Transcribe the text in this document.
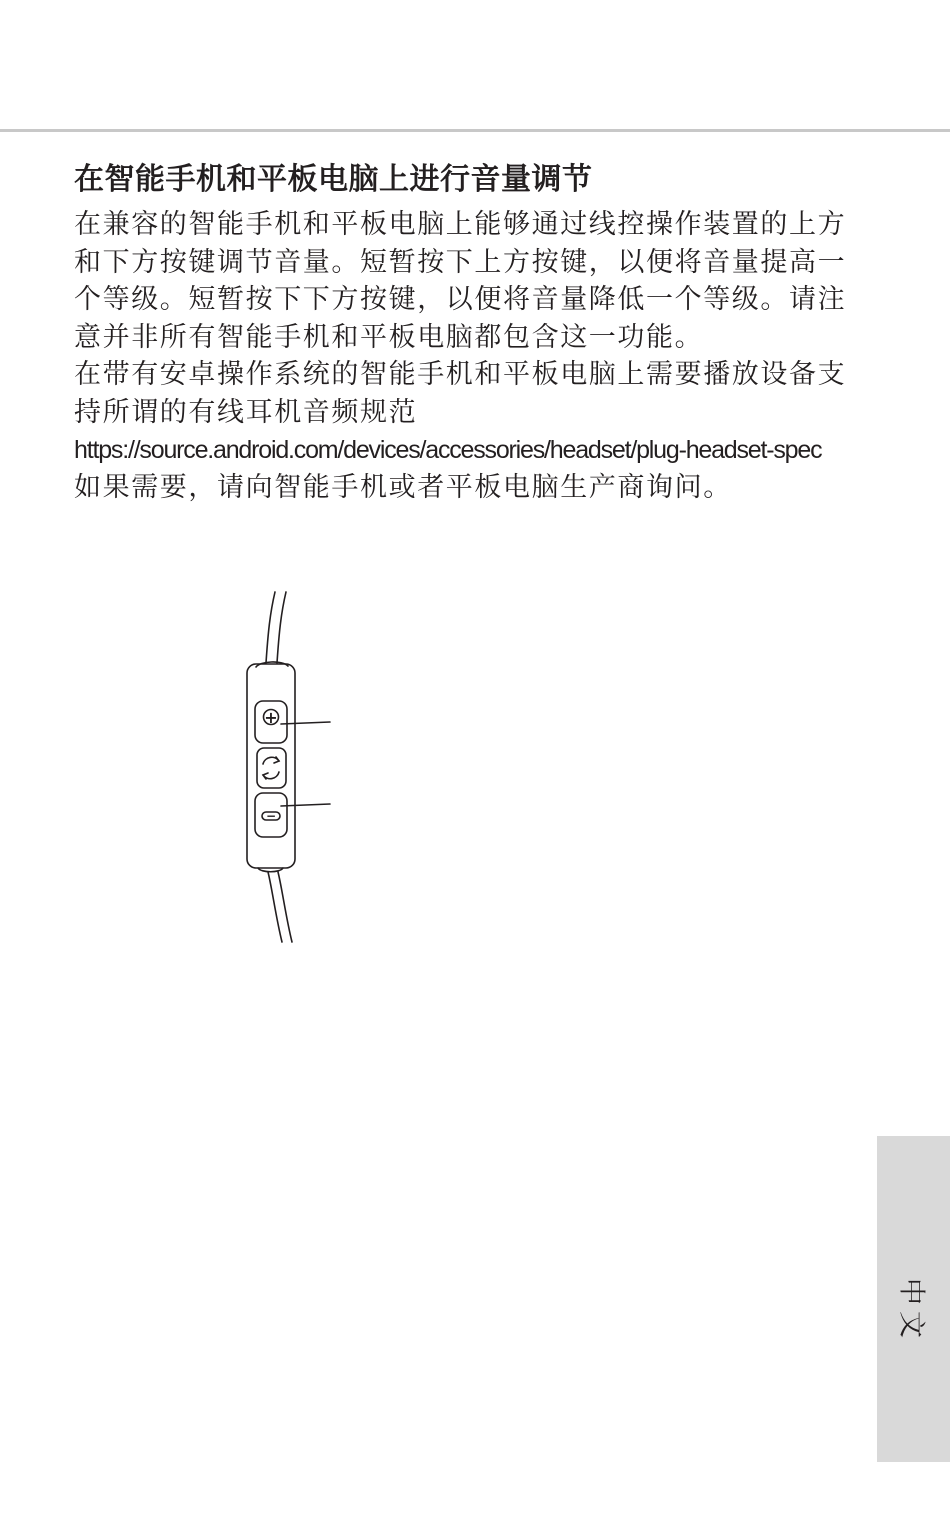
在智能手机和平板电脑上进行音量调节

在兼容的智能手机和平板电脑上能够通过线控操作装置的上方和下方按键调节音量。短暂按下上方按键，以便将音量提高一个等级。短暂按下下方按键，以便将音量降低一个等级。请注意并非所有智能手机和平板电脑都包含这一功能。

在带有安卓操作系统的智能手机和平板电脑上需要播放设备支持所谓的有线耳机音频规范

https://source.android.com/devices/accessories/headset/plug-headset-spec

如果需要，请向智能手机或者平板电脑生产商询问。

+
−
中文
